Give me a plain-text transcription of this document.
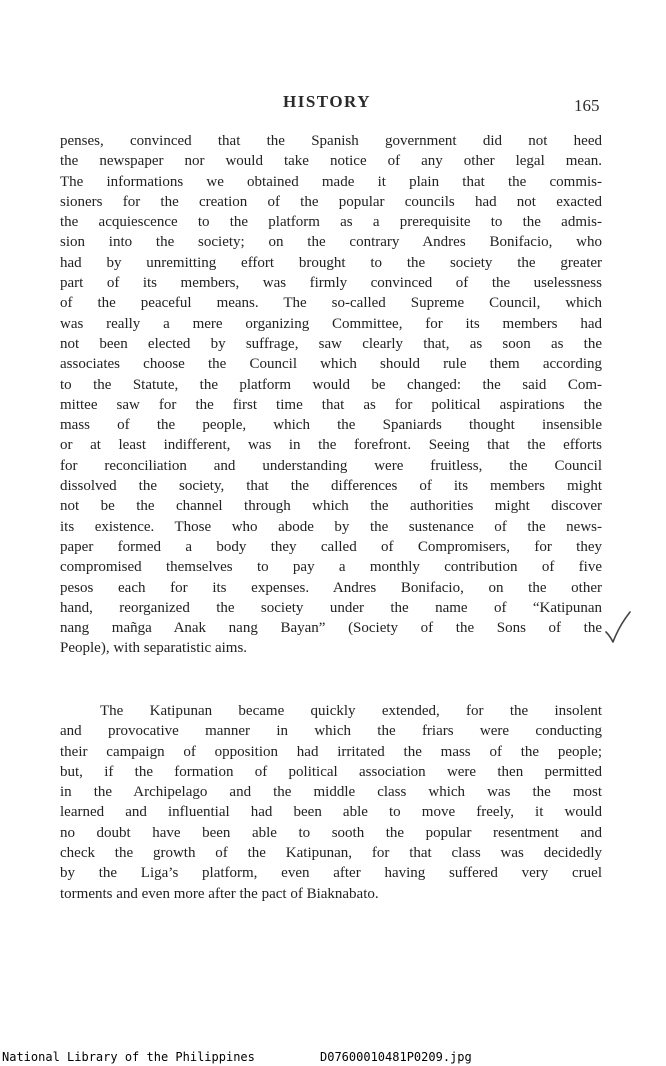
HISTORY	165
penses, convinced that the Spanish government did not heed
the newspaper nor would take notice of any other legal mean.
The informations we obtained made it plain that the commis-
sioners for the creation of the popular councils had not exacted
the acquiescence to the platform as a prerequisite to the admis-
sion into the society; on the contrary Andres Bonifacio, who
had by unremitting effort brought to the society the greater
part of its members, was firmly convinced of the uselessness
of the peaceful means. The so-called Supreme Council, which
was really a mere organizing Committee, for its members had
not been elected by suffrage, saw clearly that, as soon as the
associates choose the Council which should rule them according
to the Statute, the platform would be changed: the said Com-
mittee saw for the first time that as for political aspirations the
mass of the people, which the Spaniards thought insensible
or at least indifferent, was in the forefront. Seeing that the efforts
for reconciliation and understanding were fruitless, the Council
dissolved the society, that the differences of its members might
not be the channel through which the authorities might discover
its existence. Those who abode by the sustenance of the news-
paper formed a body they called of Compromisers, for they
compromised themselves to pay a monthly contribution of five
pesos each for its expenses. Andres Bonifacio, on the other
hand, reorganized the society under the name of “Katipunan
nang mañga Anak nang Bayan” (Society of the Sons of the
People), with separatistic aims.
The Katipunan became quickly extended, for the insolent
and provocative manner in which the friars were conducting
their campaign of opposition had irritated the mass of the people;
but, if the formation of political association were then permitted
in the Archipelago and the middle class which was the most
learned and influential had been able to move freely, it would
no doubt have been able to sooth the popular resentment and
check the growth of the Katipunan, for that class was decidedly
by the Liga’s platform, even after having suffered very cruel
torments and even more after the pact of Biaknabato.
National Library of the Philippines	D07600010481P0209.jpg
